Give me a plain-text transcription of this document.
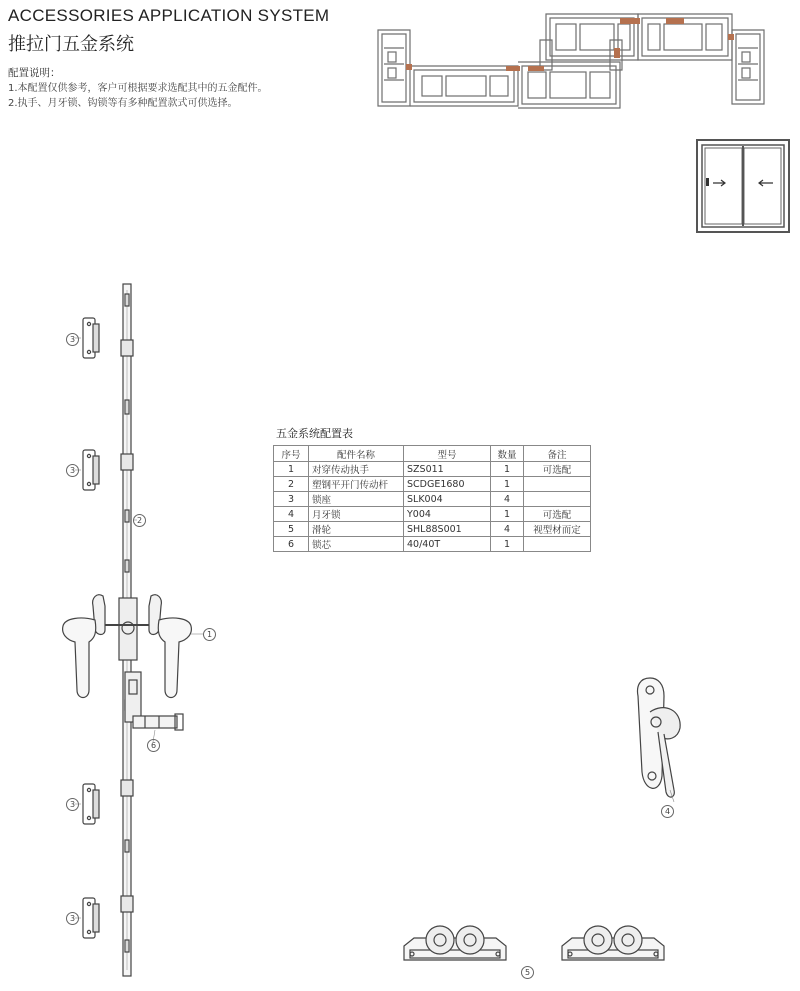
ACCESSORIES APPLICATION SYSTEM
推拉门五金系统
配置说明：
1.本配置仅供参考，客户可根据要求选配其中的五金配件。
2.执手、月牙锁、钩锁等有多种配置款式可供选择。
3
3
3
3
2
1
6
五金系统配置表
序号	配件名称	型号	数量	备注
1	对穿传动执手	SZS011	1	可选配
2	塑钢平开门传动杆	SCDGE1680	1	
3	锁座	SLK004	4	
4	月牙锁	Y004	1	可选配
5	滑轮	SHL88S001	4	视型材而定
6	锁芯	40/40T	1	
4
5
